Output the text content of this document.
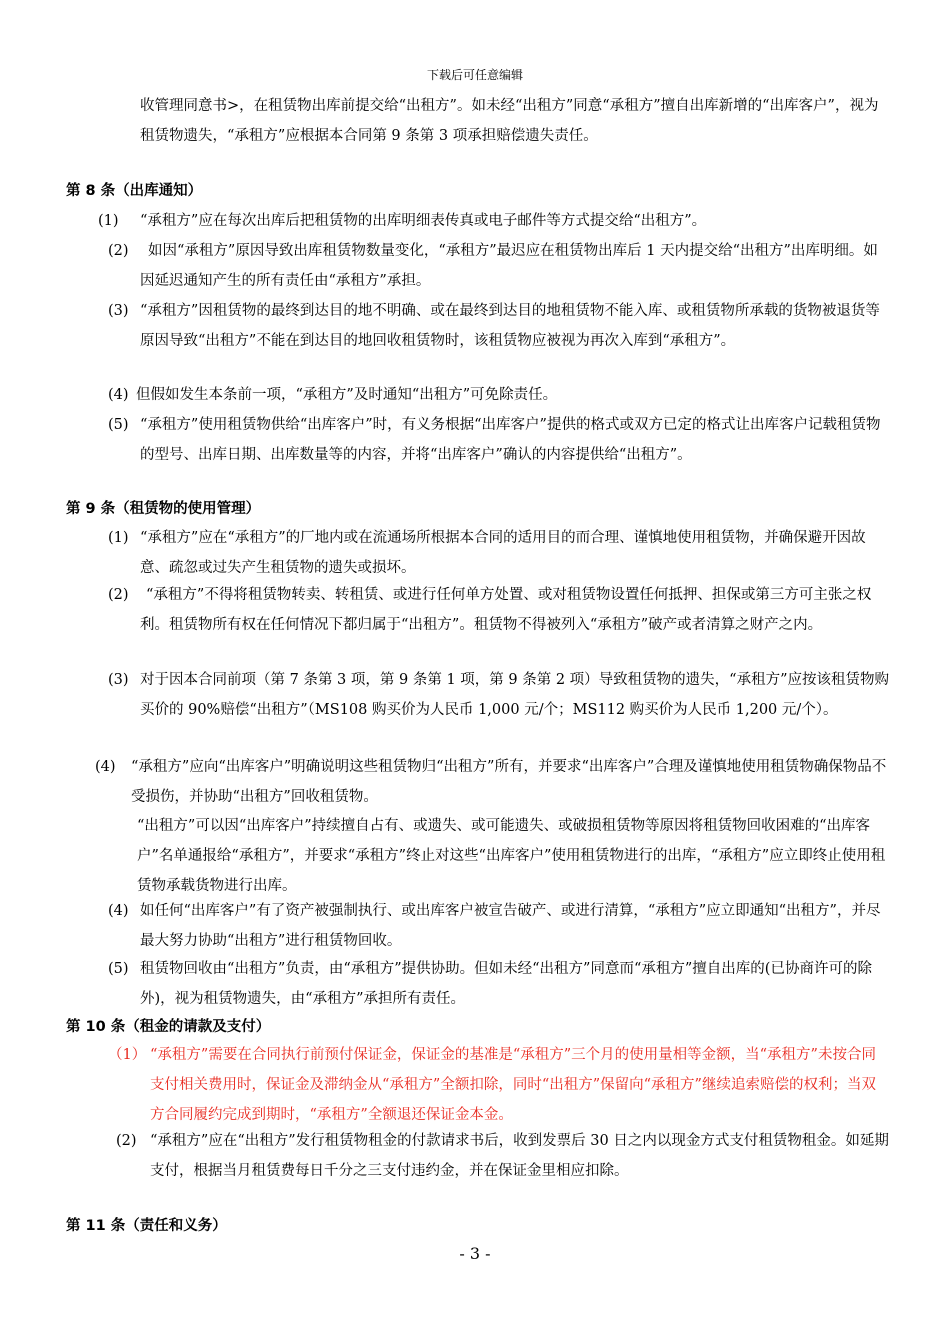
下载后可任意编辑
收管理同意书>，在租赁物出库前提交给“出租方”。如未经“出租方”同意“承租方”擅自出库新增的“出库客户”，视为租赁物遗失，“承租方”应根据本合同第 9 条第 3 项承担赔偿遗失责任。
第 8 条（出库通知）
(1) “承租方”应在每次出库后把租赁物的出库明细表传真或电子邮件等方式提交给“出租方”。
(2)	如因“承租方”原因导致出库租赁物数量变化，“承租方”最迟应在租赁物出库后 1 天内提交给“出租方”出库明细。如因延迟通知产生的所有责任由“承租方”承担。
(3) “承租方”因租赁物的最终到达目的地不明确、或在最终到达目的地租赁物不能入库、或租赁物所承载的货物被退货等原因导致“出租方”不能在到达目的地回收租赁物时，该租赁物应被视为再次入库到“承租方”。
(4) 但假如发生本条前一项，“承租方”及时通知“出租方”可免除责任。
(5) “承租方”使用租赁物供给“出库客户”时，有义务根据“出库客户”提供的格式或双方已定的格式让出库客户记载租赁物的型号、出库日期、出库数量等的内容，并将“出库客户”确认的内容提供给“出租方”。
第 9 条（租赁物的使用管理）
(1) “承租方”应在“承租方”的厂地内或在流通场所根据本合同的适用目的而合理、谨慎地使用租赁物，并确保避开因故意、疏忽或过失产生租赁物的遗失或损坏。
(2)	“承租方”不得将租赁物转卖、转租赁、或进行任何单方处置、或对租赁物设置任何抵押、担保或第三方可主张之权利。租赁物所有权在任何情况下都归属于“出租方”。租赁物不得被列入“承租方”破产或者清算之财产之内。
(3) 对于因本合同前项（第 7 条第 3 项，第 9 条第 1 项，第 9 条第 2 项）导致租赁物的遗失，“承租方”应按该租赁物购买价的 90%赔偿“出租方”（MS108 购买价为人民币 1,000 元/个；MS112 购买价为人民币 1,200 元/个）。
(4) “承租方”应向“出库客户”明确说明这些租赁物归“出租方”所有，并要求“出库客户”合理及谨慎地使用租赁物确保物品不受损伤，并协助“出租方”回收租赁物。
“出租方”可以因“出库客户”持续擅自占有、或遗失、或可能遗失、或破损租赁物等原因将租赁物回收困难的“出库客户”名单通报给“承租方”，并要求“承租方”终止对这些“出库客户”使用租赁物进行的出库，“承租方”应立即终止使用租赁物承载货物进行出库。
(4) 如任何“出库客户”有了资产被强制执行、或出库客户被宣告破产、或进行清算，“承租方”应立即通知“出租方”，并尽最大努力协助“出租方”进行租赁物回收。
(5) 租赁物回收由“出租方”负责，由“承租方”提供协助。但如未经“出租方”同意而“承租方”擅自出库的(已协商许可的除外)，视为租赁物遗失，由“承租方”承担所有责任。
第 10 条（租金的请款及支付）
（1） “承租方”需要在合同执行前预付保证金，保证金的基准是“承租方”三个月的使用量相等金额，当“承租方”未按合同支付相关费用时，保证金及滞纳金从“承租方”全额扣除，同时“出租方”保留向“承租方”继续追索赔偿的权利；当双方合同履约完成到期时，“承租方”全额退还保证金本金。
(2) “承租方”应在“出租方”发行租赁物租金的付款请求书后，收到发票后 30 日之内以现金方式支付租赁物租金。如延期支付，根据当月租赁费每日千分之三支付违约金，并在保证金里相应扣除。
第 11 条（责任和义务）
- 3 -
